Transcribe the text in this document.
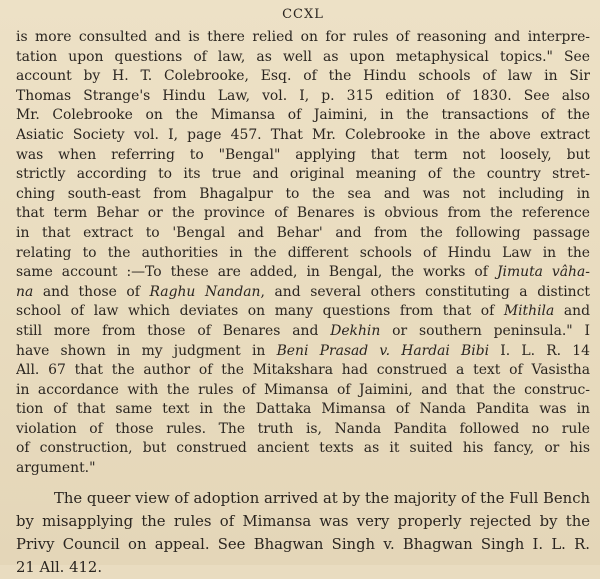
CCXL
is more consulted and is there relied on for rules of reasoning and interpre-
tation upon questions of law, as well as upon metaphysical topics." See
account by H. T. Colebrooke, Esq. of the Hindu schools of law in Sir
Thomas Strange's Hindu Law, vol. I, p. 315 edition of 1830. See also
Mr. Colebrooke on the Mimansa of Jaimini, in the transactions of the
Asiatic Society vol. I, page 457. That Mr. Colebrooke in the above extract
was when referring to "Bengal" applying that term not loosely, but
strictly according to its true and original meaning of the country stret-
ching south-east from Bhagalpur to the sea and was not including in
that term Behar or the province of Benares is obvious from the reference
in that extract to 'Bengal and Behar' and from the following passage
relating to the authorities in the different schools of Hindu Law in the
same account :—To these are added, in Bengal, the works of Jimuta vâha-
na and those of Raghu Nandan, and several others constituting a distinct
school of law which deviates on many questions from that of Mithila and
still more from those of Benares and Dekhin or southern peninsula." I
have shown in my judgment in Beni Prasad v. Hardai Bibi I. L. R. 14
All. 67 that the author of the Mitakshara had construed a text of Vasistha
in accordance with the rules of Mimansa of Jaimini, and that the construc-
tion of that same text in the Dattaka Mimansa of Nanda Pandita was in
violation of those rules. The truth is, Nanda Pandita followed no rule
of construction, but construed ancient texts as it suited his fancy, or his
argument."
The queer view of adoption arrived at by the majority of the Full Bench
by misapplying the rules of Mimansa was very properly rejected by the
Privy Council on appeal. See Bhagwan Singh v. Bhagwan Singh I. L. R.
21 All. 412.
